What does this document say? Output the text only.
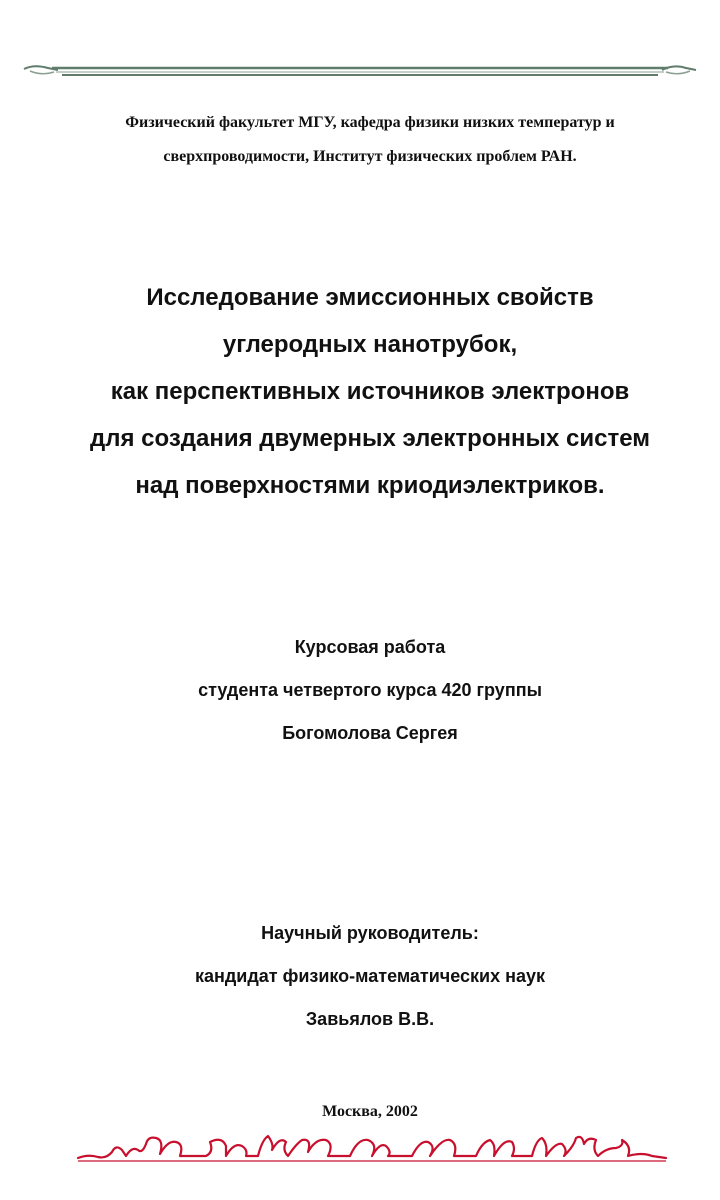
Физический факультет МГУ, кафедра физики низких температур и
сверхпроводимости, Институт физических проблем РАН.
Исследование эмиссионных свойств
углеродных нанотрубок,
как перспективных источников электронов
для создания двумерных электронных систем
над поверхностями криодиэлектриков.
Курсовая работа
студента четвертого курса 420 группы
Богомолова Сергея
Научный руководитель:
кандидат физико-математических наук
Завьялов В.В.
Москва, 2002
